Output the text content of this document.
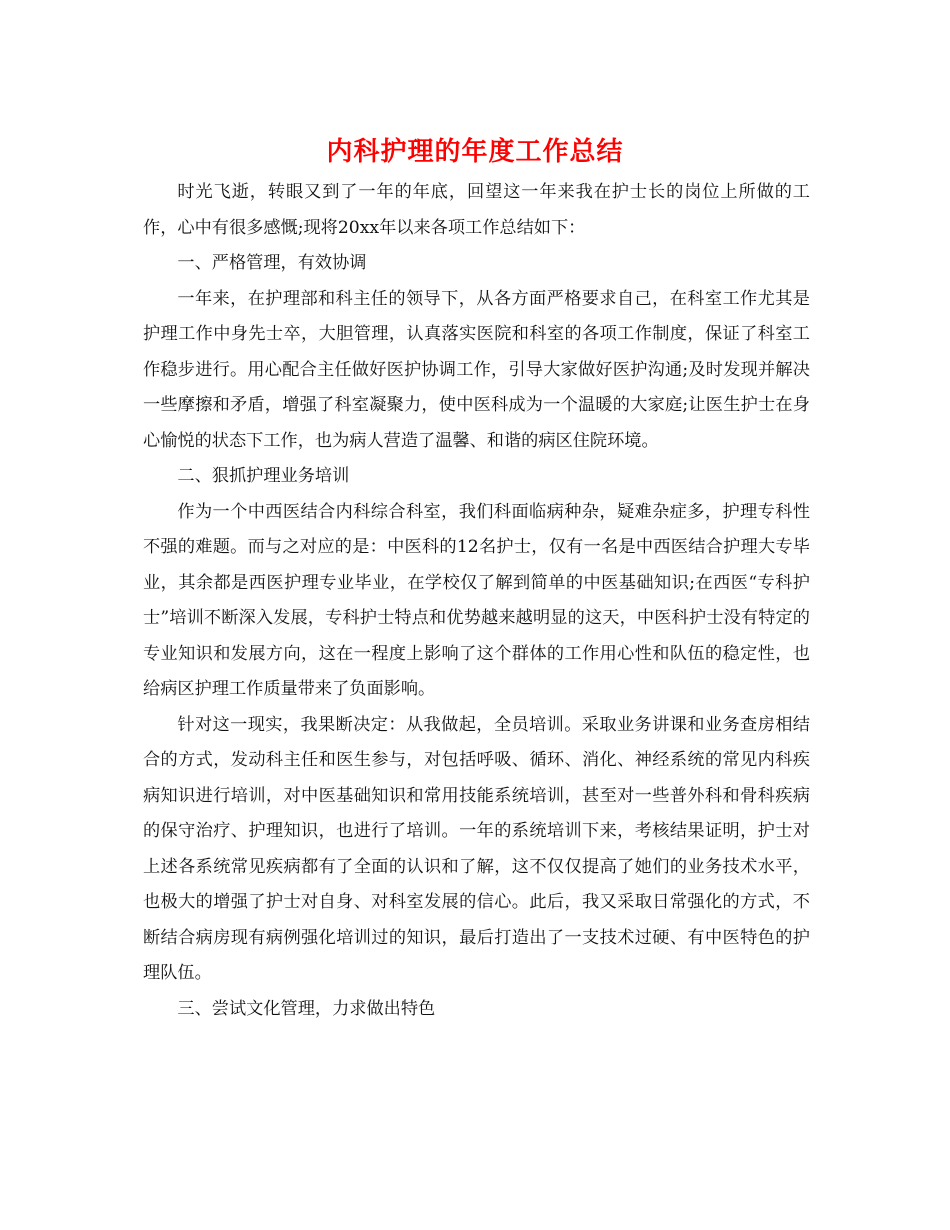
内科护理的年度工作总结

时光飞逝，转眼又到了一年的年底，回望这一年来我在护士长的岗位上所做的工作，心中有很多感慨;现将20xx年以来各项工作总结如下：

一、严格管理，有效协调

一年来，在护理部和科主任的领导下，从各方面严格要求自己，在科室工作尤其是护理工作中身先士卒，大胆管理，认真落实医院和科室的各项工作制度，保证了科室工作稳步进行。用心配合主任做好医护协调工作，引导大家做好医护沟通;及时发现并解决一些摩擦和矛盾，增强了科室凝聚力，使中医科成为一个温暖的大家庭;让医生护士在身心愉悦的状态下工作，也为病人营造了温馨、和谐的病区住院环境。

二、狠抓护理业务培训

作为一个中西医结合内科综合科室，我们科面临病种杂，疑难杂症多，护理专科性不强的难题。而与之对应的是：中医科的12名护士，仅有一名是中西医结合护理大专毕业，其余都是西医护理专业毕业，在学校仅了解到简单的中医基础知识;在西医“专科护士”培训不断深入发展，专科护士特点和优势越来越明显的这天，中医科护士没有特定的专业知识和发展方向，这在一程度上影响了这个群体的工作用心性和队伍的稳定性，也给病区护理工作质量带来了负面影响。

针对这一现实，我果断决定：从我做起，全员培训。采取业务讲课和业务查房相结合的方式，发动科主任和医生参与，对包括呼吸、循环、消化、神经系统的常见内科疾病知识进行培训，对中医基础知识和常用技能系统培训，甚至对一些普外科和骨科疾病的保守治疗、护理知识，也进行了培训。一年的系统培训下来，考核结果证明，护士对上述各系统常见疾病都有了全面的认识和了解，这不仅仅提高了她们的业务技术水平，也极大的增强了护士对自身、对科室发展的信心。此后，我又采取日常强化的方式，不断结合病房现有病例强化培训过的知识，最后打造出了一支技术过硬、有中医特色的护理队伍。

三、尝试文化管理，力求做出特色
